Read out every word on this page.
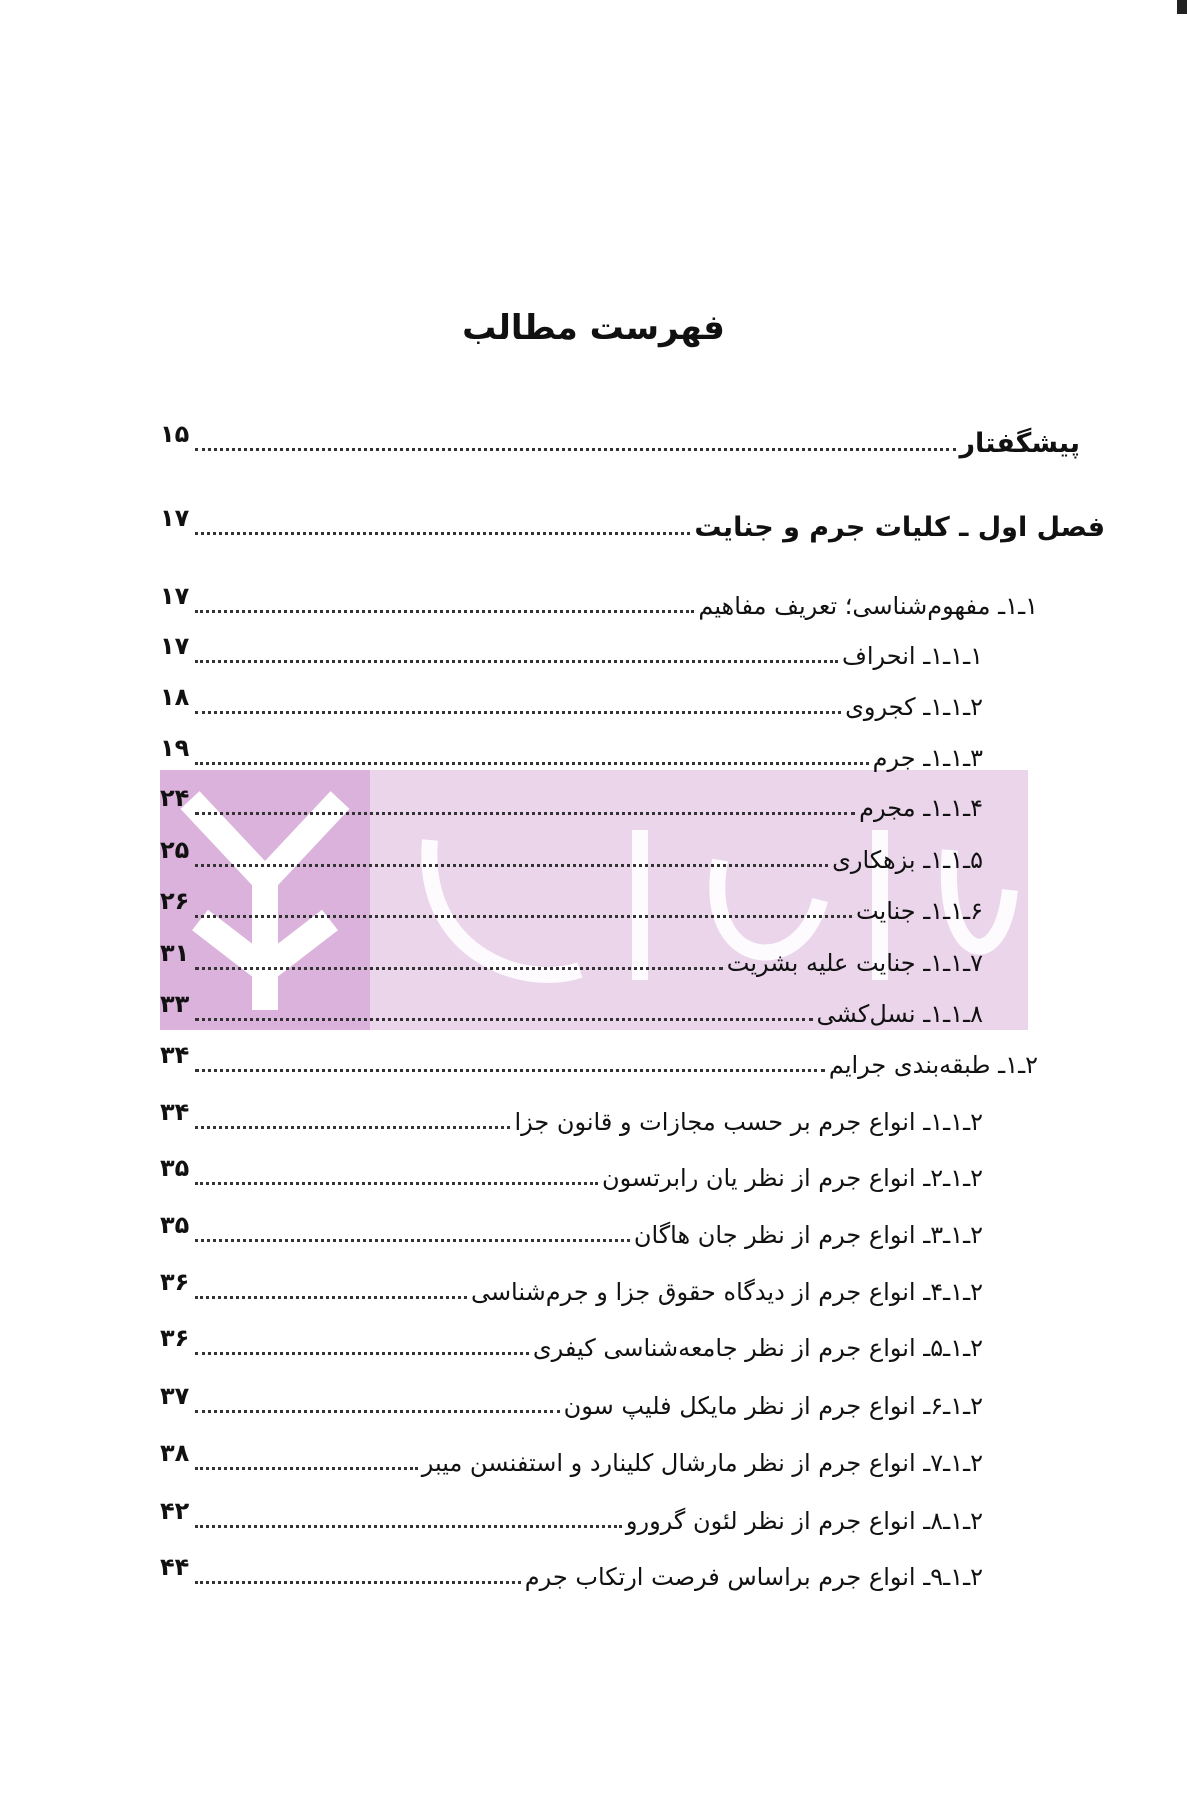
فهرست مطالب
پیشگفتار
۱۵
فصل اول ـ کلیات جرم و جنایت
۱۷
۱ـ۱ـ مفهوم‌شناسی؛ تعریف مفاهیم
۱۷
۱ـ۱ـ۱ـ انحراف
۱۷
۲ـ۱ـ۱ـ کجروی
۱۸
۳ـ۱ـ۱ـ جرم
۱۹
۴ـ۱ـ۱ـ مجرم
۲۴
۵ـ۱ـ۱ـ بزهکاری
۲۵
۶ـ۱ـ۱ـ جنایت
۲۶
۷ـ۱ـ۱ـ جنایت علیه بشریت
۳۱
۸ـ۱ـ۱ـ نسل‌کشی
۳۳
۲ـ۱ـ طبقه‌بندی جرایم
۳۴
۲ـ۱ـ۱ـ انواع جرم بر حسب مجازات و قانون جزا
۳۴
۲ـ۱ـ۲ـ انواع جرم از نظر یان رابرتسون
۳۵
۲ـ۱ـ۳ـ انواع جرم از نظر جان هاگان
۳۵
۲ـ۱ـ۴ـ انواع جرم از دیدگاه حقوق جزا و جرم‌شناسی
۳۶
۲ـ۱ـ۵ـ انواع جرم از نظر جامعه‌شناسی کیفری
۳۶
۲ـ۱ـ۶ـ انواع جرم از نظر مایکل فلیپ سون
۳۷
۲ـ۱ـ۷ـ انواع جرم از نظر مارشال کلینارد و استفنسن میبر
۳۸
۲ـ۱ـ۸ـ انواع جرم از نظر لئون گرورو
۴۲
۲ـ۱ـ۹ـ انواع جرم براساس فرصت ارتکاب جرم
۴۴
